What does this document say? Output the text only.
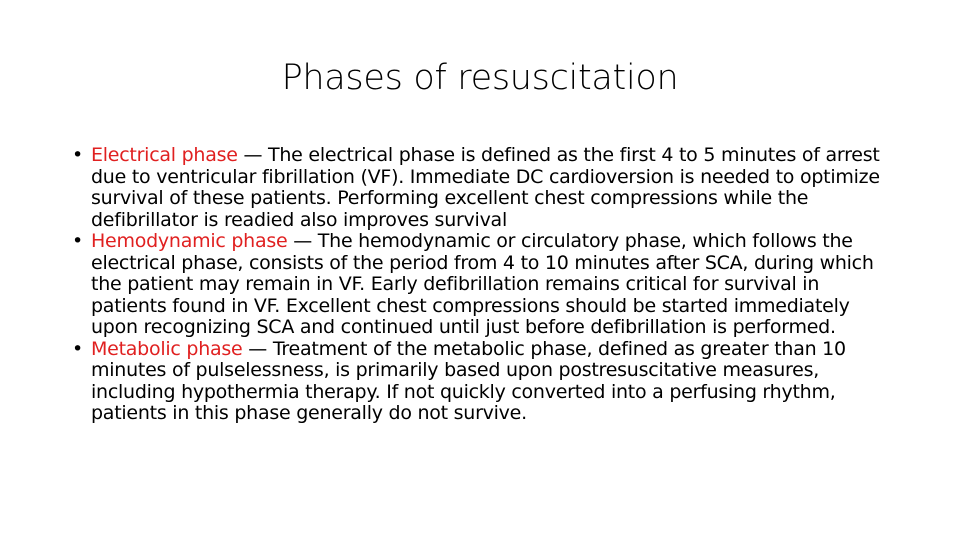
Phases of resuscitation
• Electrical phase — The electrical phase is defined as the first 4 to 5 minutes of arrest due to ventricular fibrillation (VF). Immediate DC cardioversion is needed to optimize survival of these patients. Performing excellent chest compressions while the defibrillator is readied also improves survival
• Hemodynamic phase — The hemodynamic or circulatory phase, which follows the electrical phase, consists of the period from 4 to 10 minutes after SCA, during which the patient may remain in VF. Early defibrillation remains critical for survival in patients found in VF. Excellent chest compressions should be started immediately upon recognizing SCA and continued until just before defibrillation is performed.
• Metabolic phase — Treatment of the metabolic phase, defined as greater than 10 minutes of pulselessness, is primarily based upon postresuscitative measures, including hypothermia therapy. If not quickly converted into a perfusing rhythm, patients in this phase generally do not survive.
